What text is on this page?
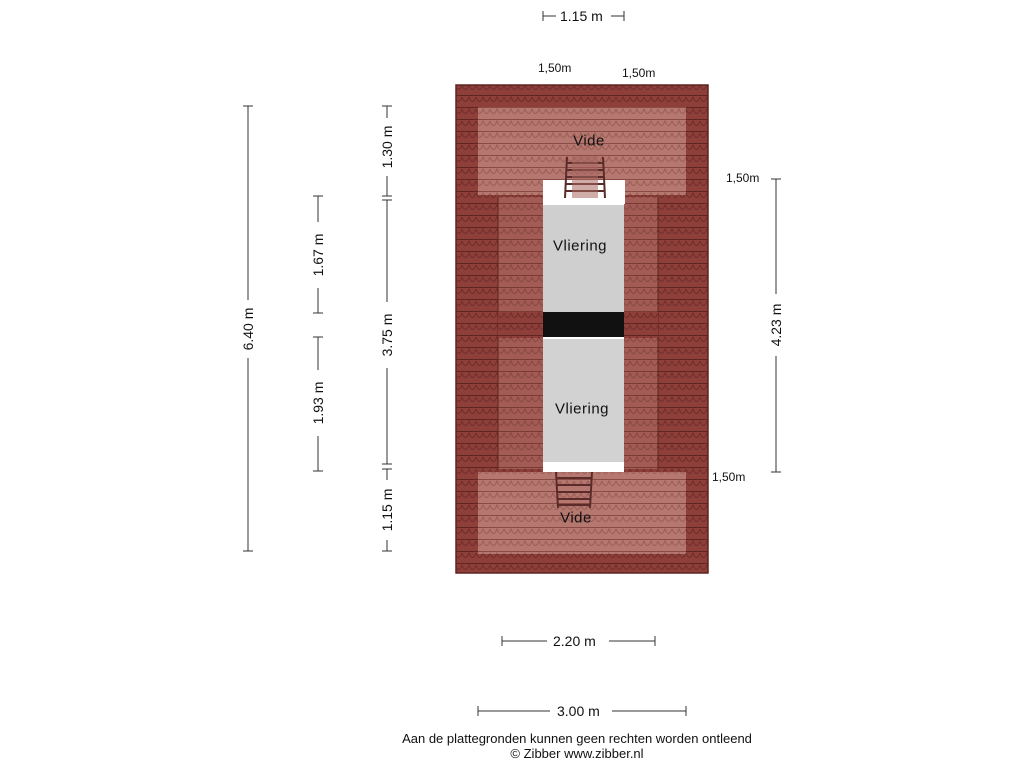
1.15 m
1,50m	1,50m
1,50m
1,50m
2.20 m
3.00 m
6.40 m
1.67 m
1.93 m
1.30 m
3.75 m
1.15 m
4.23 m
Vide
Vliering
Vliering
Vide
Aan de plattegronden kunnen geen rechten worden ontleend
© Zibber www.zibber.nl
